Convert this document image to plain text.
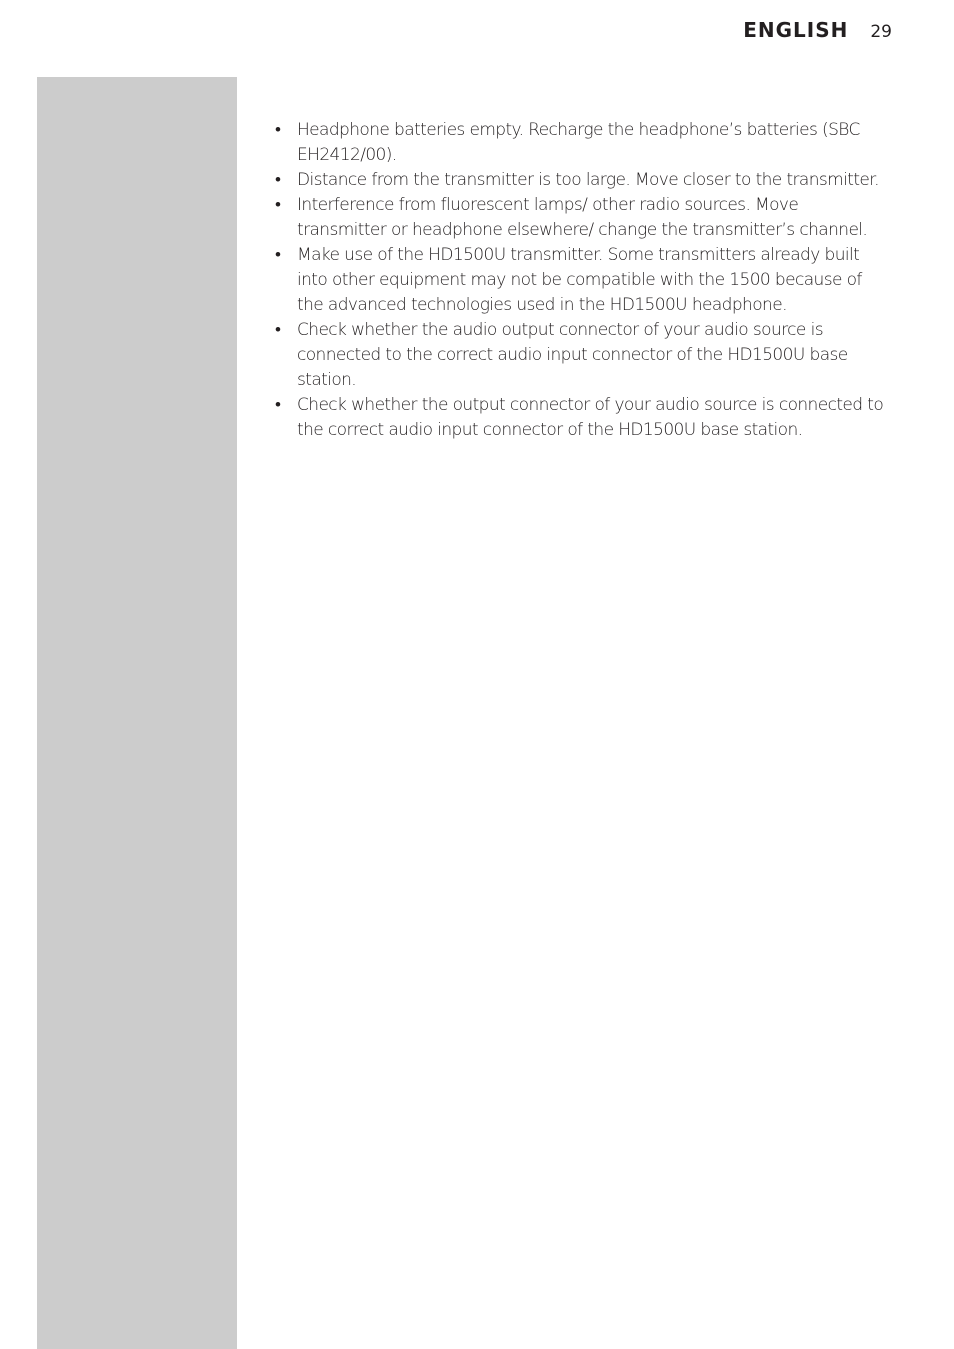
ENGLISH 29
• Headphone batteries empty. Recharge the headphone’s batteries (SBC EH2412/00).
• Distance from the transmitter is too large. Move closer to the transmitter.
• Interference from fluorescent lamps/ other radio sources. Move transmitter or headphone elsewhere/ change the transmitter’s channel.
• Make use of the HD1500U transmitter. Some transmitters already built into other equipment may not be compatible with the 1500 because of the advanced technologies used in the HD1500U headphone.
• Check whether the audio output connector of your audio source is connected to the correct audio input connector of the HD1500U base station.
• Check whether the output connector of your audio source is connected to the correct audio input connector of the HD1500U base station.
